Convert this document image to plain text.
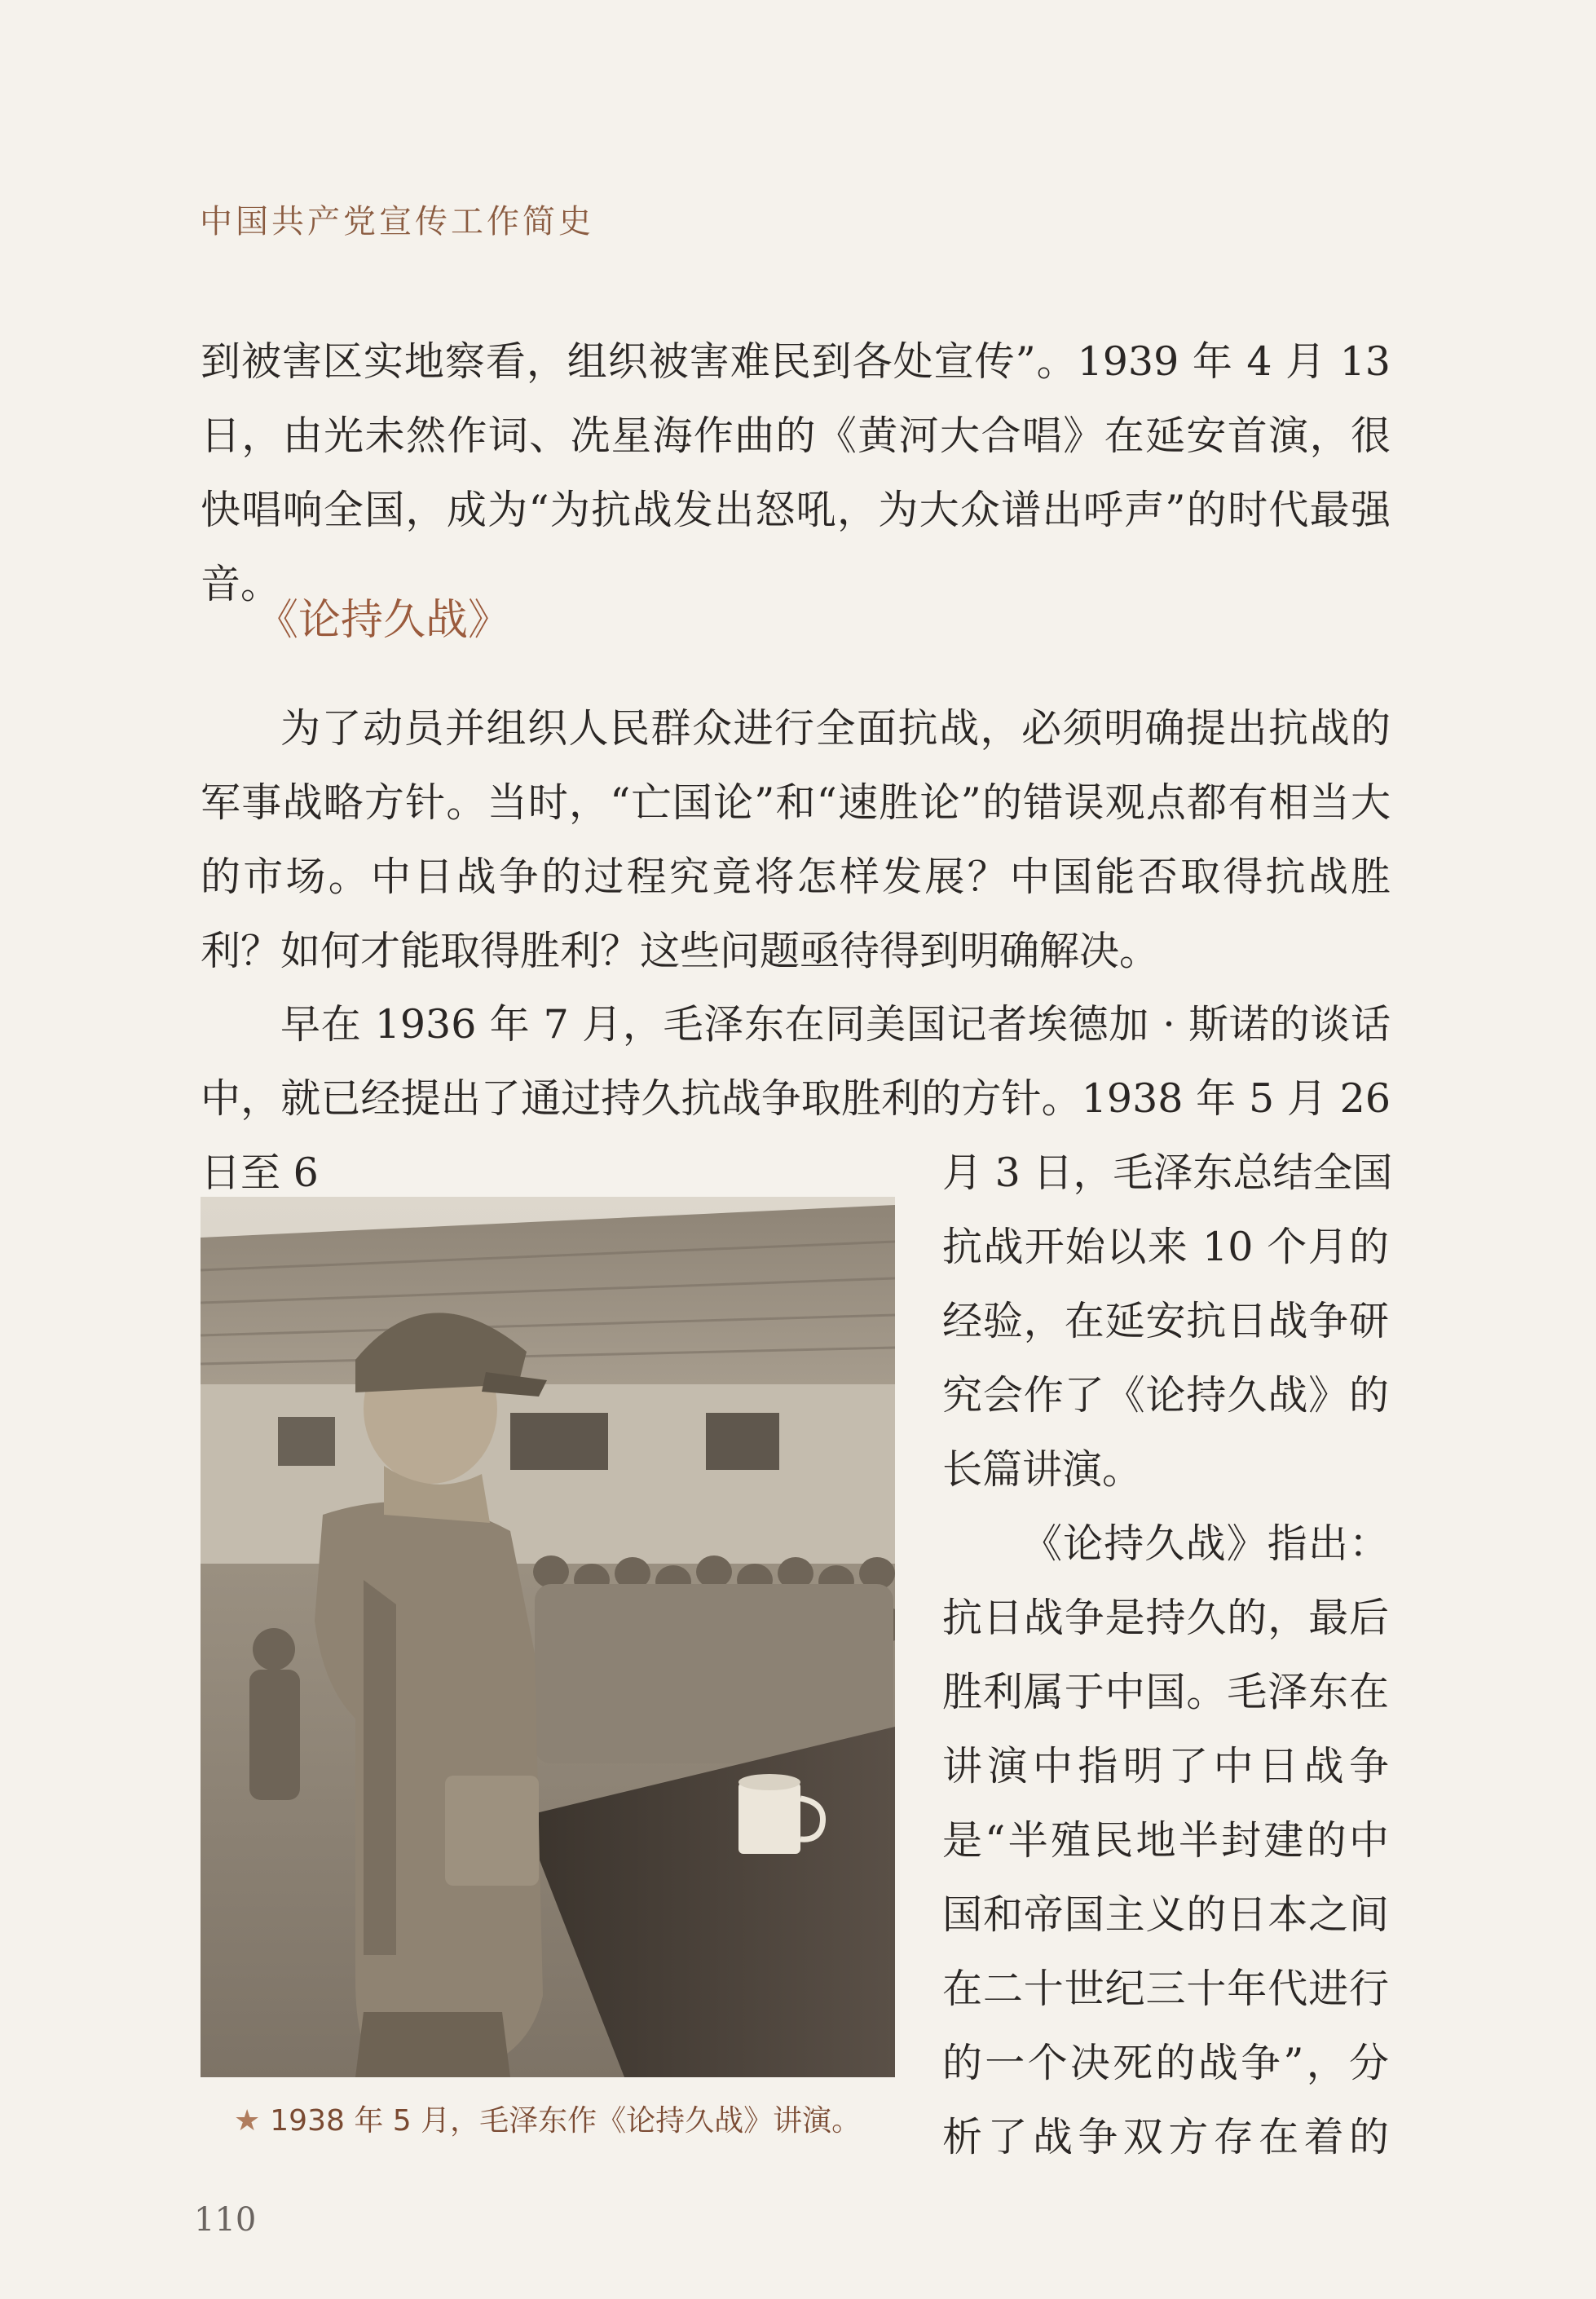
中国共产党宣传工作简史

到被害区实地察看，组织被害难民到各处宣传”。1939 年 4 月 13 日，由光未然作词、冼星海作曲的《黄河大合唱》在延安首演，很快唱响全国，成为“为抗战发出怒吼，为大众谱出呼声”的时代最强音。

《论持久战》

为了动员并组织人民群众进行全面抗战，必须明确提出抗战的军事战略方针。当时，“亡国论”和“速胜论”的错误观点都有相当大的市场。中日战争的过程究竟将怎样发展？中国能否取得抗战胜利？如何才能取得胜利？这些问题亟待得到明确解决。

早在 1936 年 7 月，毛泽东在同美国记者埃德加 · 斯诺的谈话中，就已经提出了通过持久抗战争取胜利的方针。1938 年 5 月 26 日至 6

★ 1938 年 5 月，毛泽东作《论持久战》讲演。
月 3 日，毛泽东总结全国
抗战开始以来 10 个月的
经验，在延安抗日战争研
究会作了《论持久战》的
长篇讲演。
《论持久战》指出：
抗日战争是持久的，最后
胜利属于中国。毛泽东在
讲演中指明了中日战争
是“半殖民地半封建的中
国和帝国主义的日本之间
在二十世纪三十年代进行
的一个决死的战争”，分
析了战争双方存在着的
110
